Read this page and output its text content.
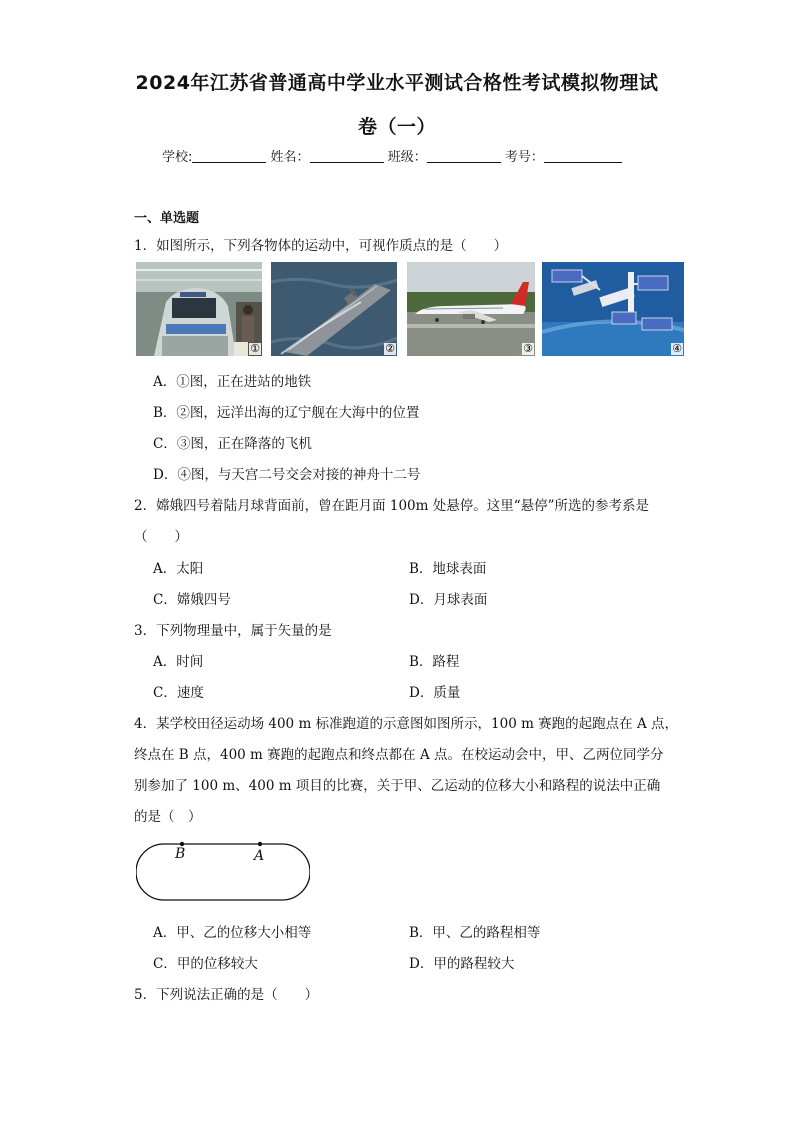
2024年江苏省普通高中学业水平测试合格性考试模拟物理试
卷（一）
学校:	姓名：	班级：	考号：
一、单选题
1．如图所示，下列各物体的运动中，可视作质点的是（　　）
①	②	③	④
A．①图，正在进站的地铁
B．②图，远洋出海的辽宁舰在大海中的位置
C．③图，正在降落的飞机
D．④图，与天宫二号交会对接的神舟十二号
2．嫦娥四号着陆月球背面前，曾在距月面 100m 处悬停。这里“悬停”所选的参考系是
（　　）
A．太阳	B．地球表面
C．嫦娥四号	D．月球表面
3．下列物理量中，属于矢量的是
A．时间	B．路程
C．速度	D．质量
4．某学校田径运动场 400 m 标准跑道的示意图如图所示，100 m 赛跑的起跑点在 A 点，
终点在 B 点，400 m 赛跑的起跑点和终点都在 A 点。在校运动会中，甲、乙两位同学分
别参加了 100 m、400 m 项目的比赛，关于甲、乙运动的位移大小和路程的说法中正确
的是（　）
B	A
A．甲、乙的位移大小相等	B．甲、乙的路程相等
C．甲的位移较大	D．甲的路程较大
5．下列说法正确的是（　　）
